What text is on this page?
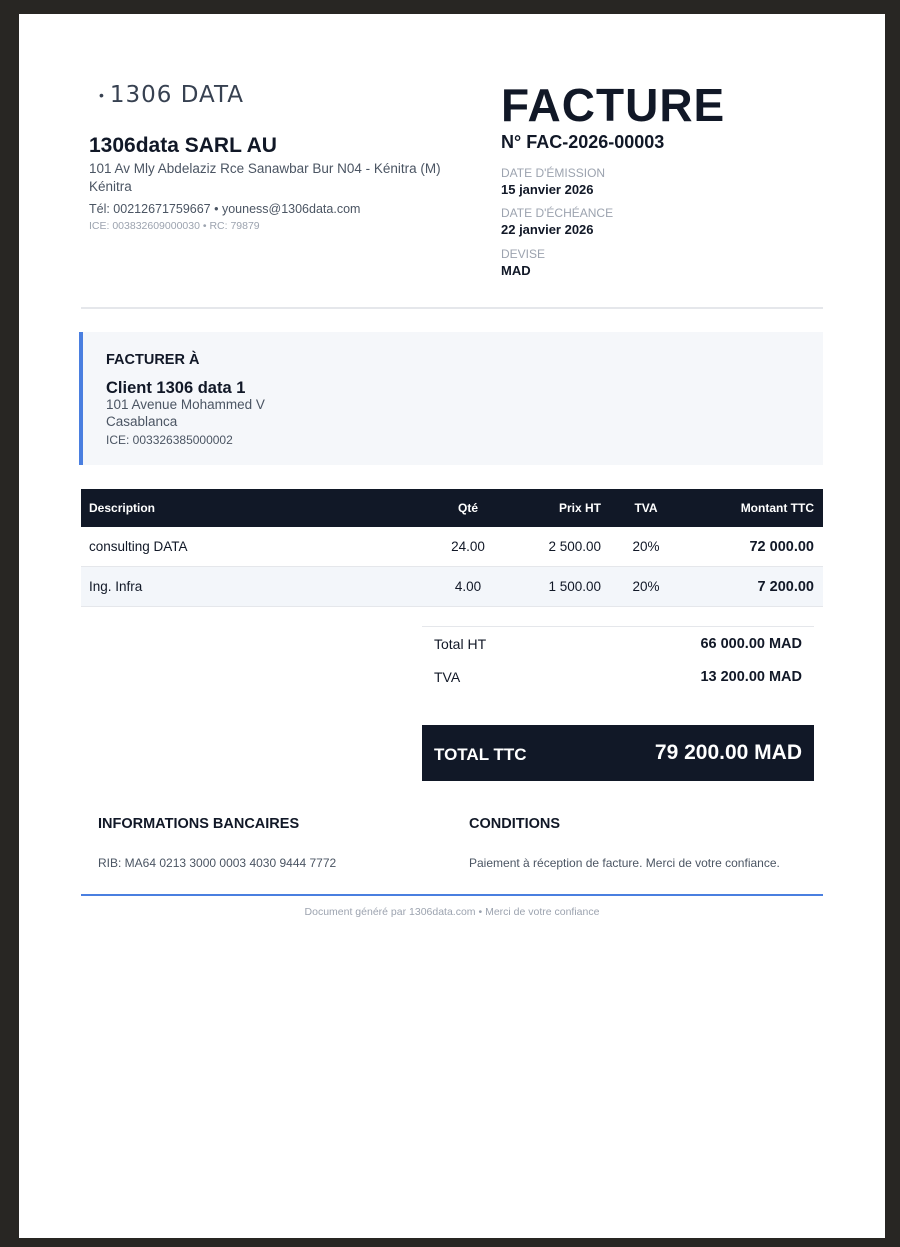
• 1306 DATA
1306data SARL AU
101 Av Mly Abdelaziz Rce Sanawbar Bur N04 - Kénitra (M) Kénitra
Tél: 00212671759667 • youness@1306data.com
ICE: 003832609000030 • RC: 79879
FACTURE
N° FAC-2026-00003
DATE D'ÉMISSION
15 janvier 2026
DATE D'ÉCHÉANCE
22 janvier 2026
DEVISE
MAD
FACTURER À
Client 1306 data 1
101 Avenue Mohammed V
Casablanca
ICE: 003326385000002
Description	Qté	Prix HT	TVA	Montant TTC
consulting DATA	24.00	2 500.00	20%	72 000.00
Ing. Infra	4.00	1 500.00	20%	7 200.00
Total HT	66 000.00 MAD
TVA	13 200.00 MAD
TOTAL TTC	79 200.00 MAD
INFORMATIONS BANCAIRES
RIB: MA64 0213 3000 0003 4030 9444 7772
CONDITIONS
Paiement à réception de facture. Merci de votre confiance.
Document généré par 1306data.com • Merci de votre confiance
